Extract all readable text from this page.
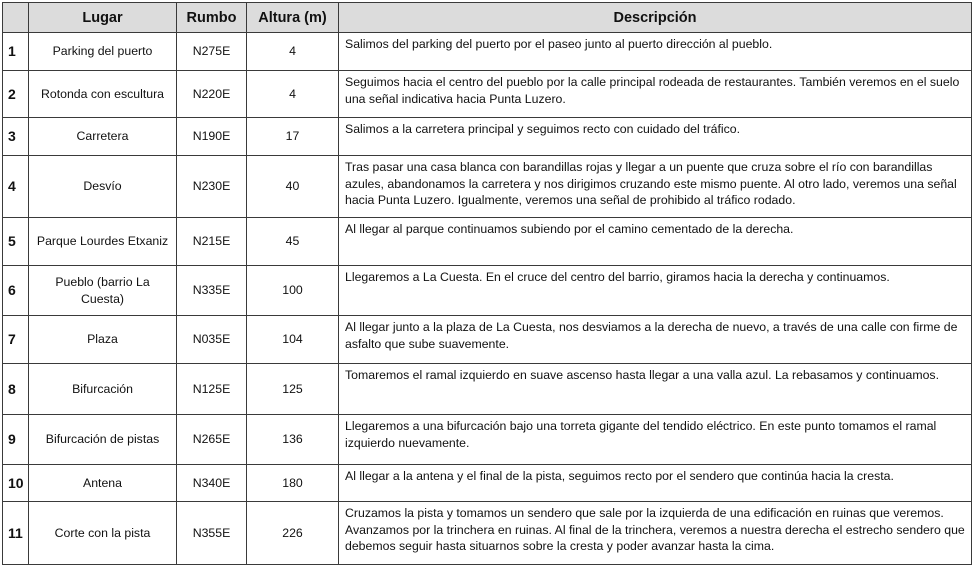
	Lugar	Rumbo	Altura (m)	Descripción
1	Parking del puerto	N275E	4	Salimos del parking del puerto por el paseo junto al puerto dirección al pueblo.
2	Rotonda con escultura	N220E	4	Seguimos hacia el centro del pueblo por la calle principal rodeada de restaurantes. También veremos en el suelo una señal indicativa hacia Punta Luzero.
3	Carretera	N190E	17	Salimos a la carretera principal y seguimos recto con cuidado del tráfico.
4	Desvío	N230E	40	Tras pasar una casa blanca con barandillas rojas y llegar a un puente que cruza sobre el río con barandillas azules, abandonamos la carretera y nos dirigimos cruzando este mismo puente. Al otro lado, veremos una señal hacia Punta Luzero. Igualmente, veremos una señal de prohibido al tráfico rodado.
5	Parque Lourdes Etxaniz	N215E	45	Al llegar al parque continuamos subiendo por el camino cementado de la derecha.
6	Pueblo (barrio La Cuesta)	N335E	100	Llegaremos a La Cuesta. En el cruce del centro del barrio, giramos hacia la derecha y continuamos.
7	Plaza	N035E	104	Al llegar junto a la plaza de La Cuesta, nos desviamos a la derecha de nuevo, a través de una calle con firme de asfalto que sube suavemente.
8	Bifurcación	N125E	125	Tomaremos el ramal izquierdo en suave ascenso hasta llegar a una valla azul. La rebasamos y continuamos.
9	Bifurcación de pistas	N265E	136	Llegaremos a una bifurcación bajo una torreta gigante del tendido eléctrico. En este punto tomamos el ramal izquierdo nuevamente.
10	Antena	N340E	180	Al llegar a la antena y el final de la pista, seguimos recto por el sendero que continúa hacia la cresta.
11	Corte con la pista	N355E	226	Cruzamos la pista y tomamos un sendero que sale por la izquierda de una edificación en ruinas que veremos. Avanzamos por la trinchera en ruinas. Al final de la trinchera, veremos a nuestra derecha el estrecho sendero que debemos seguir hasta situarnos sobre la cresta y poder avanzar hasta la cima.
